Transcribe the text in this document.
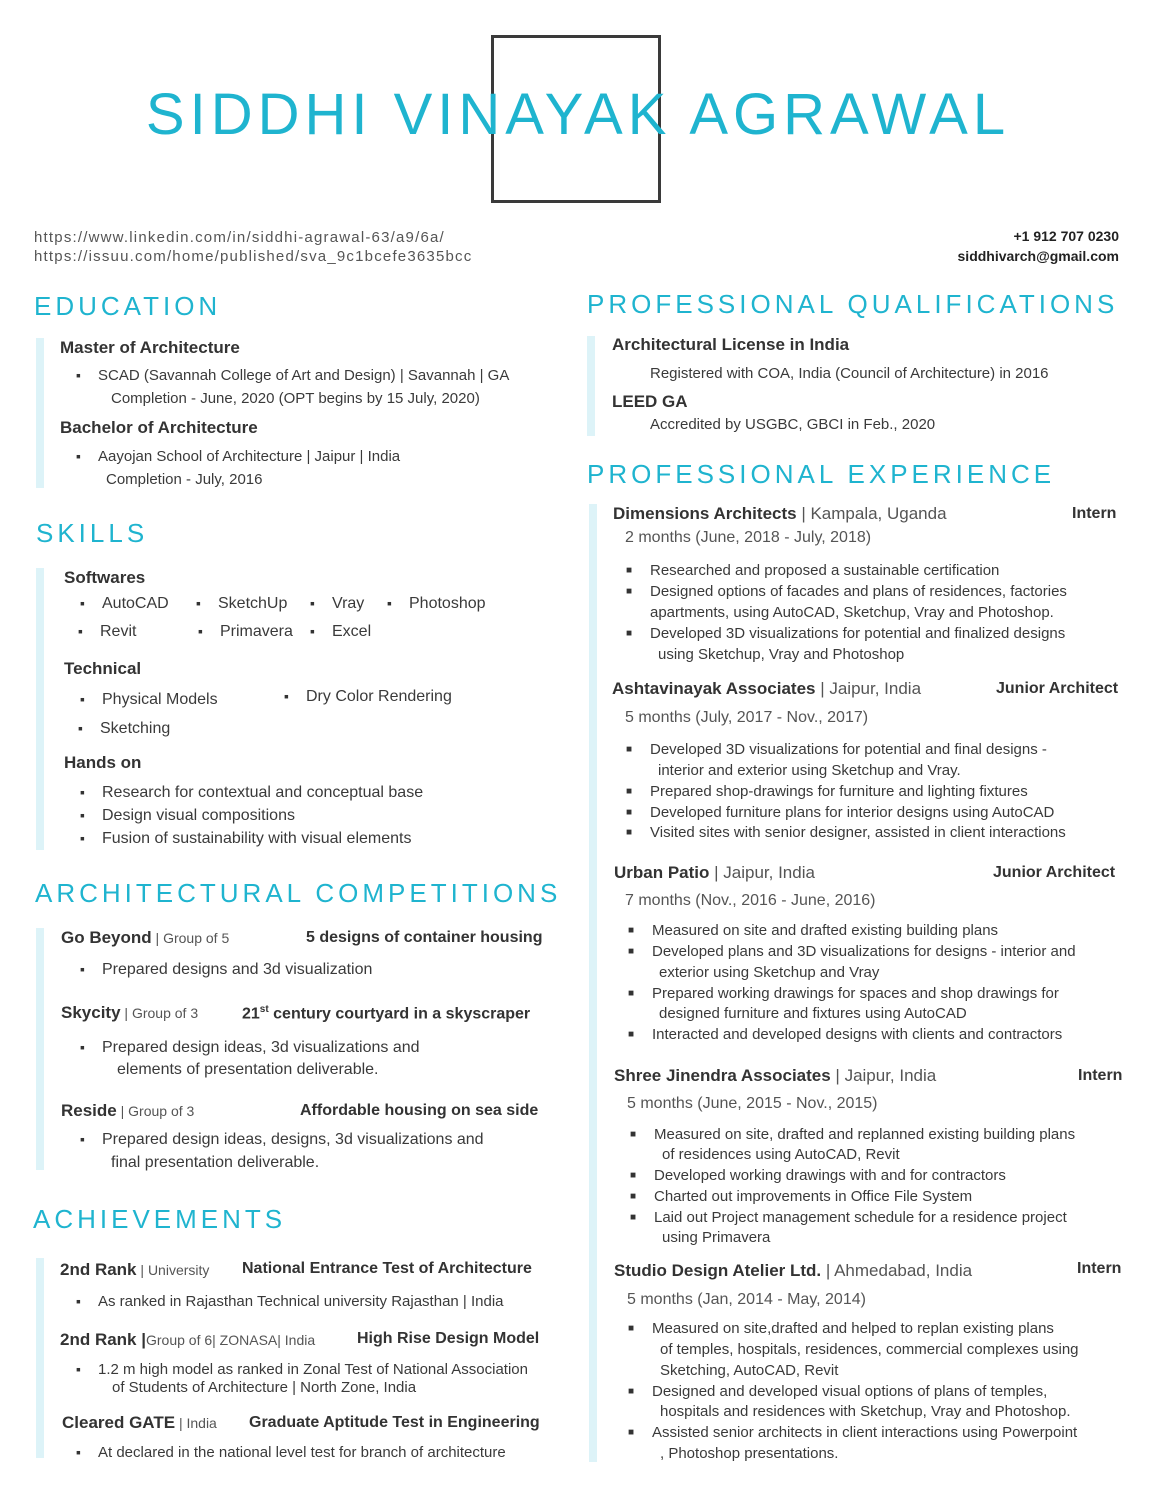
SIDDHI VINAYAK AGRAWAL
https://www.linkedin.com/in/siddhi-agrawal-63/a9/6a/
https://issuu.com/home/published/sva_9c1bcefe3635bcc
+1 912 707 0230
siddhivarch@gmail.com
EDUCATION
Master of Architecture
▪ SCAD (Savannah College of Art and Design) | Savannah | GA
Completion - June, 2020 (OPT begins by 15 July, 2020)
Bachelor of Architecture
▪ Aayojan School of Architecture | Jaipur | India
Completion - July, 2016
SKILLS
Softwares
▪ AutoCAD	▪ SketchUp	▪ Vray	▪ Photoshop
▪ Revit	▪ Primavera ▪ Excel
Technical
▪ Physical Models	▪ Dry Color Rendering
▪ Sketching
Hands on
▪ Research for contextual and conceptual base
▪ Design visual compositions
▪ Fusion of sustainability with visual elements
ARCHITECTURAL COMPETITIONS
Go Beyond | Group of 5	5 designs of container housing
▪ Prepared designs and 3d visualization
Skycity | Group of 3	21st century courtyard in a skyscraper
▪ Prepared design ideas, 3d visualizations and
elements of presentation deliverable.
Reside | Group of 3	Affordable housing on sea side
▪ Prepared design ideas, designs, 3d visualizations and
final presentation deliverable.
ACHIEVEMENTS
2nd Rank | University National Entrance Test of Architecture
▪ As ranked in Rajasthan Technical university Rajasthan | India
2nd Rank |Group of 6| ZONASA| India	High Rise Design Model
▪ 1.2 m high model as ranked in Zonal Test of National Association
of Students of Architecture | North Zone, India
Cleared GATE | India Graduate Aptitude Test in Engineering
▪ At declared in the national level test for branch of architecture
PROFESSIONAL QUALIFICATIONS
Architectural License in India
Registered with COA, India (Council of Architecture) in 2016
LEED GA
Accredited by USGBC, GBCI in Feb., 2020
PROFESSIONAL EXPERIENCE
Dimensions Architects | Kampala, Uganda	Intern
2 months (June, 2018 - July, 2018)
■ Researched and proposed a sustainable certification
■ Designed options of facades and plans of residences, factories
apartments, using AutoCAD, Sketchup, Vray and Photoshop.
■ Developed 3D visualizations for potential and finalized designs
using Sketchup, Vray and Photoshop
Ashtavinayak Associates | Jaipur, India	Junior Architect
5 months (July, 2017 - Nov., 2017)
■ Developed 3D visualizations for potential and final designs -
interior and exterior using Sketchup and Vray.
■ Prepared shop-drawings for furniture and lighting fixtures
■ Developed furniture plans for interior designs using AutoCAD
■ Visited sites with senior designer, assisted in client interactions
Urban Patio | Jaipur, India	Junior Architect
7 months (Nov., 2016 - June, 2016)
■ Measured on site and drafted existing building plans
■ Developed plans and 3D visualizations for designs - interior and
exterior using Sketchup and Vray
■ Prepared working drawings for spaces and shop drawings for
designed furniture and fixtures using AutoCAD
■ Interacted and developed designs with clients and contractors
Shree Jinendra Associates | Jaipur, India	Intern
5 months (June, 2015 - Nov., 2015)
■ Measured on site, drafted and replanned existing building plans
of residences using AutoCAD, Revit
■ Developed working drawings with and for contractors
■ Charted out improvements in Office File System
■ Laid out Project management schedule for a residence project
using Primavera
Studio Design Atelier Ltd. | Ahmedabad, India	Intern
5 months (Jan, 2014 - May, 2014)
■ Measured on site,drafted and helped to replan existing plans
of temples, hospitals, residences, commercial complexes using
Sketching, AutoCAD, Revit
■ Designed and developed visual options of plans of temples,
hospitals and residences with Sketchup, Vray and Photoshop.
■ Assisted senior architects in client interactions using Powerpoint
, Photoshop presentations.
